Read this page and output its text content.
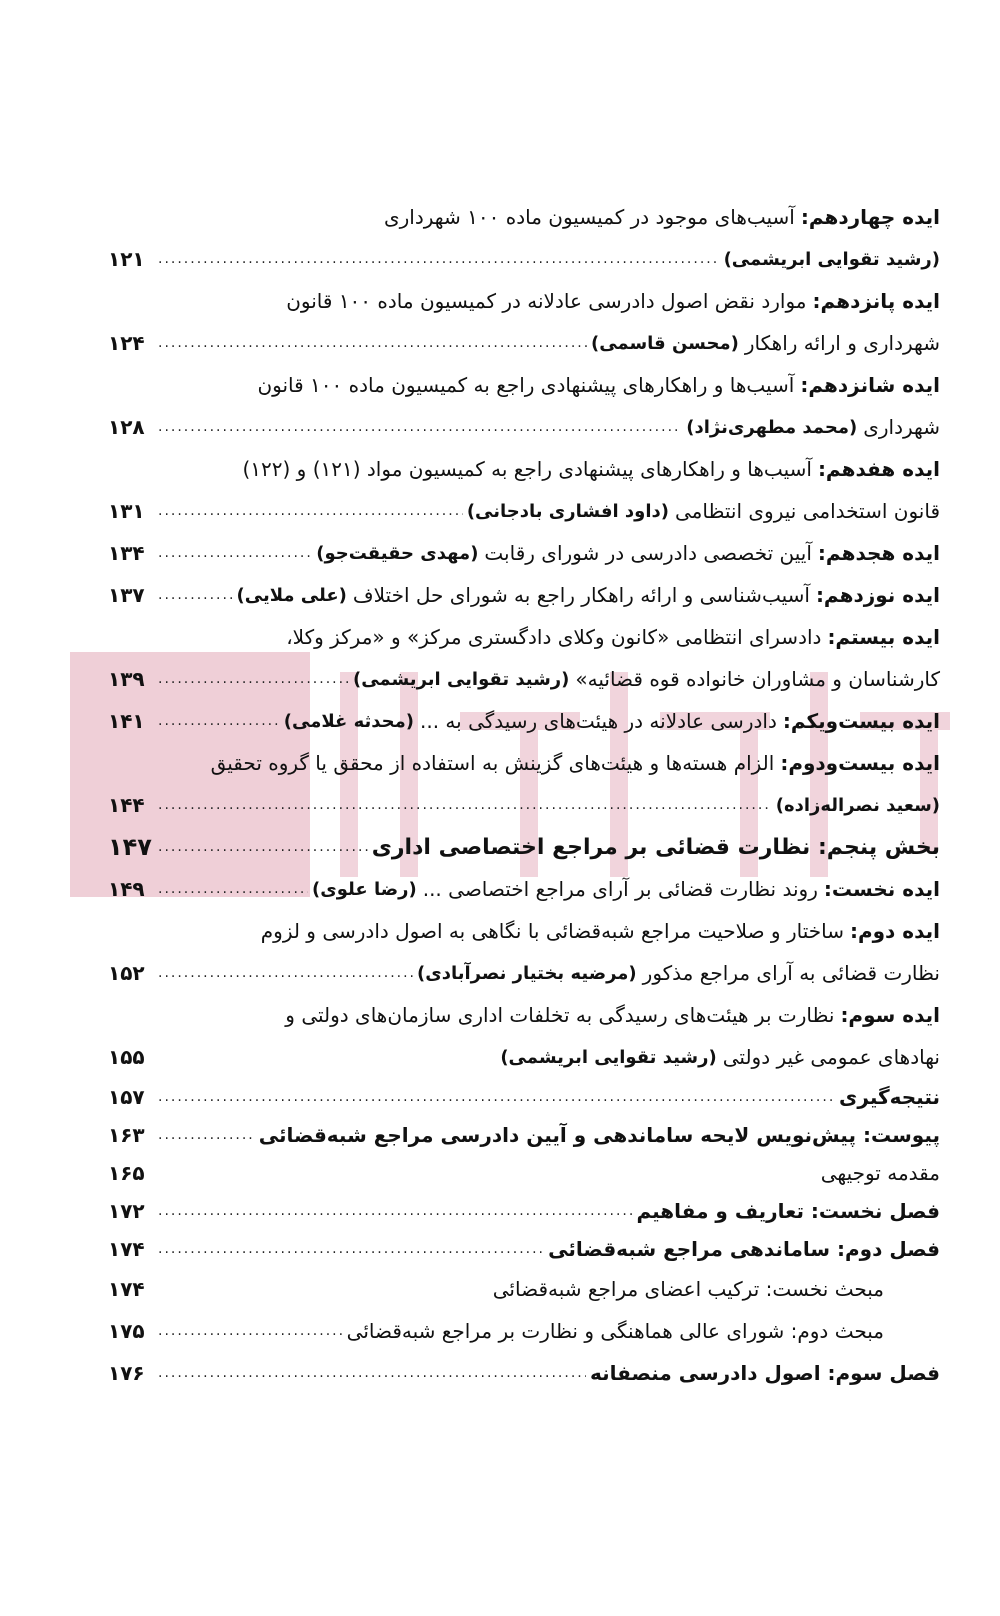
ایده چهاردهم:
آسیب‌های موجود در کمیسیون ماده ۱۰۰ شهرداری
(رشید تقوایی ابریشمی)
.....
۱۲۱
ایده پانزدهم:
موارد نقض اصول دادرسی عادلانه در کمیسیون ماده ۱۰۰ قانون
شهرداری و ارائه راهکار
(محسن قاسمی)
.....
۱۲۴
ایده شانزدهم:
آسیب‌ها و راهکارهای پیشنهادی راجع به کمیسیون ماده ۱۰۰ قانون
شهرداری
(محمد مطهری‌نژاد)
.....
۱۲۸
ایده هفدهم:
آسیب‌ها و راهکارهای پیشنهادی راجع به کمیسیون مواد (۱۲۱) و (۱۲۲)
قانون استخدامی نیروی انتظامی
(داود افشاری بادجانی)
.....
۱۳۱
ایده هجدهم:
آیین تخصصی دادرسی در شورای رقابت
(مهدی حقیقت‌جو)
.....
۱۳۴
ایده نوزدهم:
آسیب‌شناسی و ارائه راهکار راجع به شورای حل اختلاف
(علی ملایی)
.....
۱۳۷
ایده بیستم:
دادسرای انتظامی «کانون وکلای دادگستری مرکز» و «مرکز وکلا،
کارشناسان و مشاوران خانواده قوه قضائیه»
(رشید تقوایی ابریشمی)
.....
۱۳۹
ایده بیست‌ویکم:
دادرسی عادلانه در هیئت‌های رسیدگی به ...
(محدثه غلامی)
.....
۱۴۱
ایده بیست‌ودوم:
الزام هسته‌ها و هیئت‌های گزینش به استفاده از محقق یا گروه تحقیق
(سعید نصراله‌زاده)
.....
۱۴۴
بخش پنجم: نظارت قضائی بر مراجع اختصاصی اداری
.....
۱۴۷
ایده نخست:
روند نظارت قضائی بر آرای مراجع اختصاصی ...
(رضا علوی)
.....
۱۴۹
ایده دوم:
ساختار و صلاحیت مراجع شبه‌قضائی با نگاهی به اصول دادرسی و لزوم
نظارت قضائی به آرای مراجع مذکور
(مرضیه بختیار نصرآبادی)
.....
۱۵۲
ایده سوم:
نظارت بر هیئت‌های رسیدگی به تخلفات اداری سازمان‌های دولتی و
نهادهای عمومی غیر دولتی
(رشید تقوایی ابریشمی)
۱۵۵
نتیجه‌گیری
.....
۱۵۷
پیوست: پیش‌نویس لایحه ساماندهی و آیین دادرسی مراجع شبه‌قضائی
.....
۱۶۳
مقدمه توجیهی
۱۶۵
فصل نخست: تعاریف و مفاهیم
.....
۱۷۲
فصل دوم: ساماندهی مراجع شبه‌قضائی
.....
۱۷۴
مبحث نخست: ترکیب اعضای مراجع شبه‌قضائی
۱۷۴
مبحث دوم: شورای عالی هماهنگی و نظارت بر مراجع شبه‌قضائی
.....
۱۷۵
فصل سوم: اصول دادرسی منصفانه
.....
۱۷۶
